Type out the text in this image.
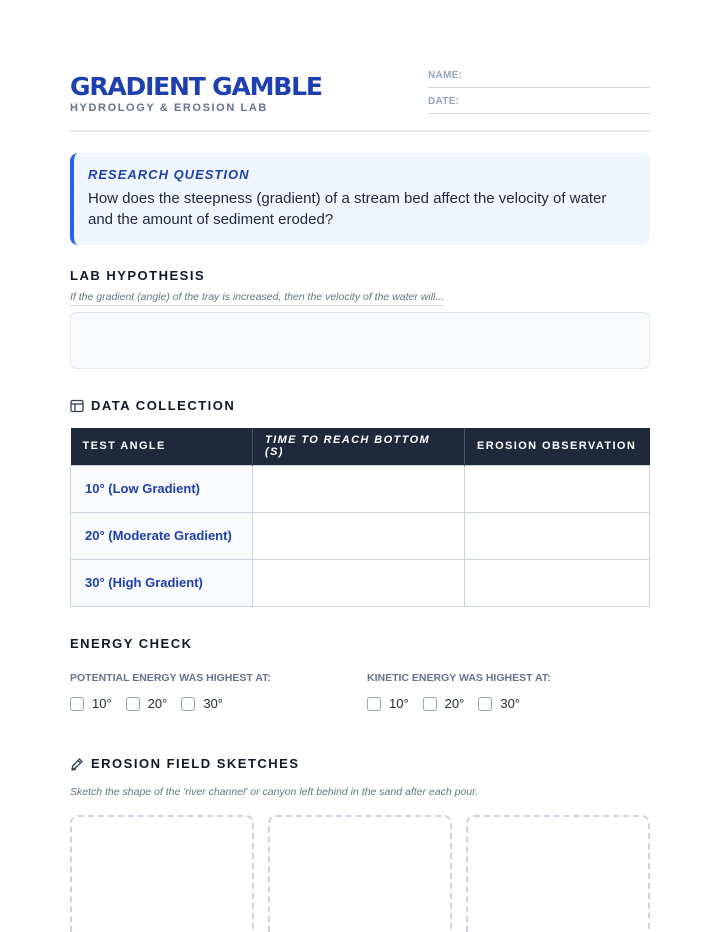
GRADIENT GAMBLE
HYDROLOGY & EROSION LAB
NAME:
DATE:
RESEARCH QUESTION
How does the steepness (gradient) of a stream bed affect the velocity of water and the amount of sediment eroded?
LAB HYPOTHESIS
If the gradient (angle) of the tray is increased, then the velocity of the water will...
DATA COLLECTION
TEST ANGLE	TIME TO REACH BOTTOM (S)	EROSION OBSERVATION
10° (Low Gradient)		
20° (Moderate Gradient)		
30° (High Gradient)		
ENERGY CHECK
POTENTIAL ENERGY WAS HIGHEST AT:
10°	20°	30°
KINETIC ENERGY WAS HIGHEST AT:
10°	20°	30°
EROSION FIELD SKETCHES
Sketch the shape of the 'river channel' or canyon left behind in the sand after each pour.
